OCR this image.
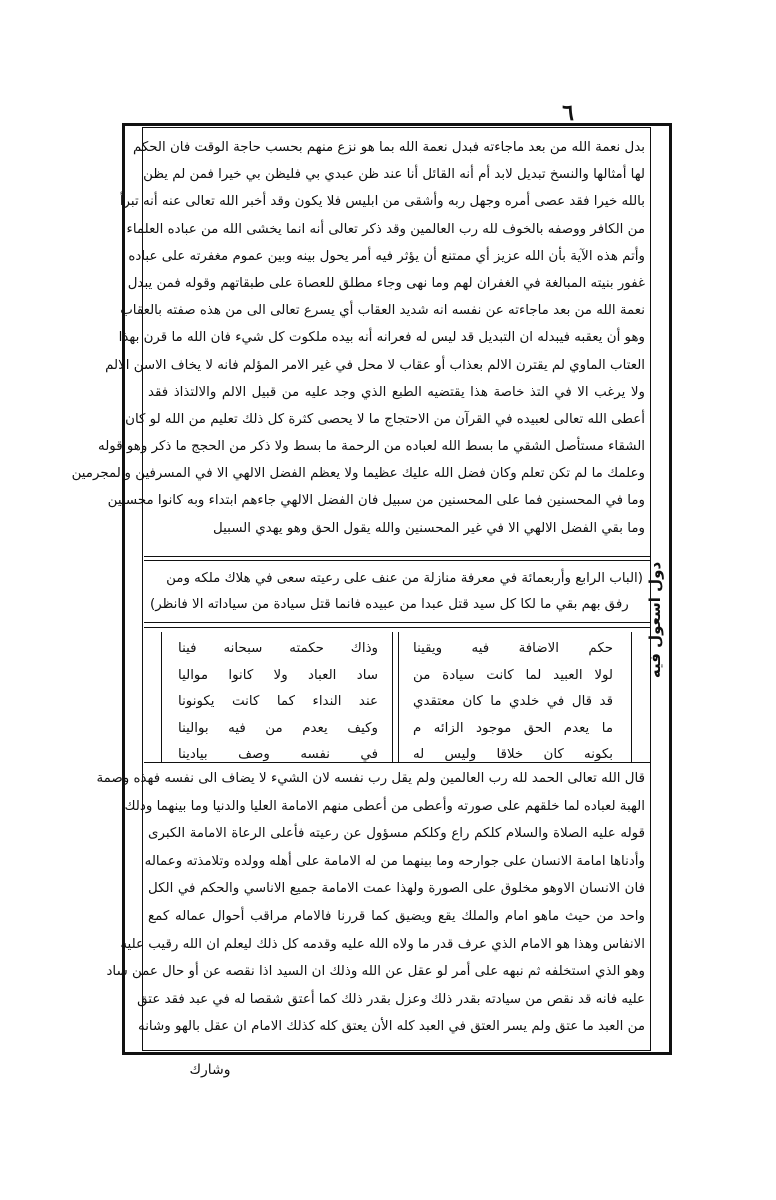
٦
بدل نعمة الله من بعد ماجاءته فبدل نعمة الله بما هو نزع منهم بحسب حاجة الوقت فان الحكم
لها أمثالها والنسخ تبديل لابد أم أنه القائل أنا عند ظن عبدي بي فليظن بي خيرا فمن لم يظن
بالله خيرا فقد عصى أمره وجهل ربه وأشقى من ابليس فلا يكون وقد أخبر الله تعالى عنه أنه تبرأ
من الكافر ووصفه بالخوف لله رب العالمين وقد ذكر تعالى أنه انما يخشى الله من عباده العلماء
وأتم هذه الآية بأن الله عزيز أي ممتنع أن يؤثر فيه أمر يحول بينه وبين عموم مغفرته على عباده
غفور بنيته المبالغة في الغفران لهم وما نهى وجاء مطلق للعصاة على طبقاتهم وقوله فمن يبدل
نعمة الله من بعد ماجاءته عن نفسه انه شديد العقاب أي يسرع تعالى الى من هذه صفته بالعقاب
وهو أن يعقبه فيبدله ان التبديل قد ليس له فعرانه أنه بيده ملكوت كل شيء فان الله ما قرن بهذا
العتاب الماوي لم يقترن الالم بعذاب أو عقاب لا محل في غير الامر المؤلم فانه لا يخاف الاسن الالم
ولا يرغب الا في التذ خاصة هذا يقتضيه الطبع الذي وجد عليه من قبيل الالم والالتذاذ فقد
أعطى الله تعالى لعبيده في القرآن من الاحتجاج ما لا يحصى كثرة كل ذلك تعليم من الله لو كان
الشقاء مستأصل الشقي ما بسط الله لعباده من الرحمة ما بسط ولا ذكر من الحجج ما ذكر وهو قوله
وعلمك ما لم تكن تعلم وكان فضل الله عليك عظيما ولا يعظم الفضل الالهي الا في المسرفين والمجرمين
وما في المحسنين فما على المحسنين من سبيل فان الفضل الالهي جاءهم ابتداء وبه كانوا محسنين
وما بقي الفضل الالهي الا في غير المحسنين والله يقول الحق وهو يهدي السبيل
(الباب الرابع وأربعمائة في معرفة منازلة من عنف على رعيته سعى في هلاك ملكه ومن
رفق بهم بقي ما لكا كل سيد قتل عبدا من عبيده فانما قتل سيادة من سياداته الا فانظر)
حكم الاضافة فيه ويقينا
لولا العبيد لما كانت سيادة من
قد قال في خلدي ما كان معتقدي
ما يعدم الحق موجود الزائه م
بكونه كان خلاقا وليس له
وذاك حكمته سبحانه فينا
ساد العباد ولا كانوا مواليا
عند النداء كما كانت يكونونا
وكيف يعدم من فيه بوالينا
في نفسه وصف بيادينا
قال الله تعالى الحمد لله رب العالمين ولم يقل رب نفسه لان الشيء لا يضاف الى نفسه فهذه وصمة
الهبة لعباده لما خلقهم على صورته وأعطى من أعطى منهم الامامة العليا والدنيا وما بينهما وذلك
قوله عليه الصلاة والسلام كلكم راع وكلكم مسؤول عن رعيته فأعلى الرعاة الامامة الكبرى
وأدناها امامة الانسان على جوارحه وما بينهما من له الامامة على أهله وولده وتلامذته وعماله
فان الانسان الاوهو مخلوق على الصورة ولهذا عمت الامامة جميع الاناسي والحكم في الكل
واحد من حيث ماهو امام والملك يقع ويضيق كما قررنا فالامام مراقب أحوال عماله كمع
الانفاس وهذا هو الامام الذي عرف قدر ما ولاه الله عليه وقدمه كل ذلك ليعلم ان الله رقيب عليه
وهو الذي استخلفه ثم نبهه على أمر لو عقل عن الله وذلك ان السيد اذا نقصه عن أو حال عمن ساد
عليه فانه قد نقص من سيادته بقدر ذلك وعزل بقدر ذلك كما أعتق شقصا له في عبد فقد عتق
من العبد ما عتق ولم يسر العتق في العبد كله الأن يعتق كله كذلك الامام ان عقل بالهو وشانه
دول اسعول فيه
وشارك
